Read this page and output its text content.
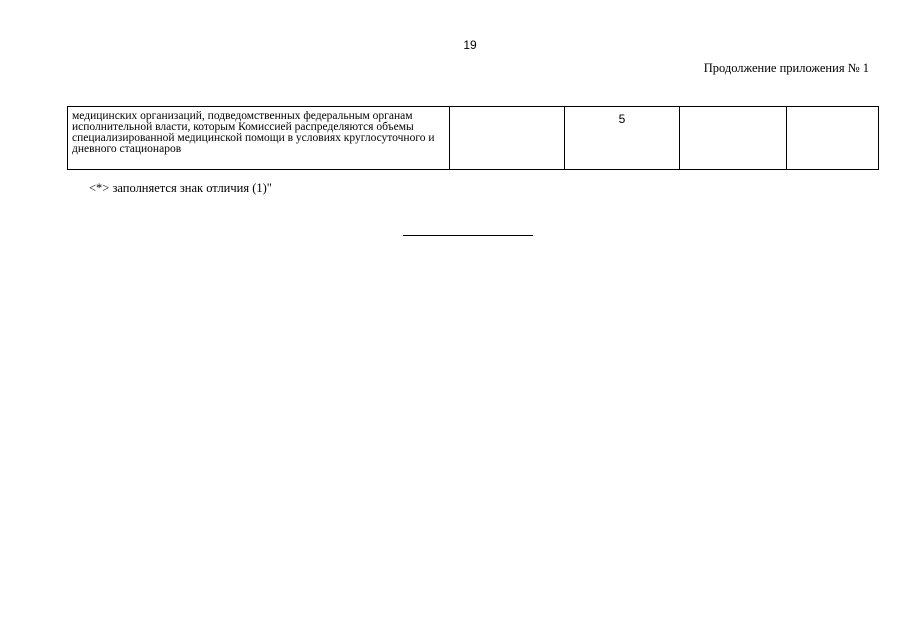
19
Продолжение приложения № 1
медицинских организаций, подведомственных федеральным органам исполнительной власти, которым Комиссией распределяются объемы специализированной медицинской помощи в условиях круглосуточного и дневного стационаров		5		
<*> заполняется знак отличия (1)"
